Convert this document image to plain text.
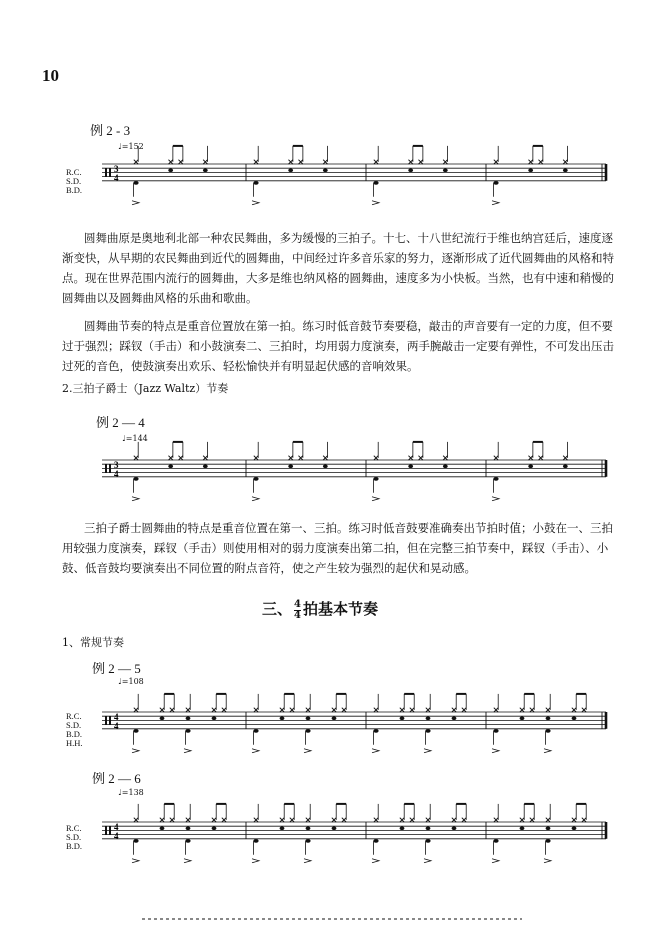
10
例 2 - 3
♩=152
R.C.
S.D.
B.D.
3
4
圆舞曲原是奥地利北部一种农民舞曲，多为缓慢的三拍子。十七、十八世纪流行于维也纳宫廷后，速度逐渐变快，从早期的农民舞曲到近代的圆舞曲，中间经过许多音乐家的努力，逐渐形成了近代圆舞曲的风格和特点。现在世界范围内流行的圆舞曲，大多是维也纳风格的圆舞曲，速度多为小快板。当然，也有中速和稍慢的圆舞曲以及圆舞曲风格的乐曲和歌曲。
圆舞曲节奏的特点是重音位置放在第一拍。练习时低音鼓节奏要稳，敲击的声音要有一定的力度，但不要过于强烈；踩钗（手击）和小鼓演奏二、三拍时，均用弱力度演奏，两手腕敲击一定要有弹性，不可发出压击过死的音色，使鼓演奏出欢乐、轻松愉快并有明显起伏感的音响效果。
2.三拍子爵士（Jazz Waltz）节奏
例 2 — 4
♩=144
3
4
三拍子爵士圆舞曲的特点是重音位置在第一、三拍。练习时低音鼓要准确奏出节拍时值；小鼓在一、三拍用较强力度演奏，踩钗（手击）则使用相对的弱力度演奏出第二拍，但在完整三拍节奏中，踩钗（手击）、小鼓、低音鼓均要演奏出不同位置的附点音符，使之产生较为强烈的起伏和晃动感。
三、 $\frac{4}{4}$ 拍基本节奏
1、常规节奏
例 2 — 5
♩=108
R.C.
S.D.
B.D.
H.H.
4
4
例 2 — 6
♩=138
R.C.
S.D.
B.D.
4
4
